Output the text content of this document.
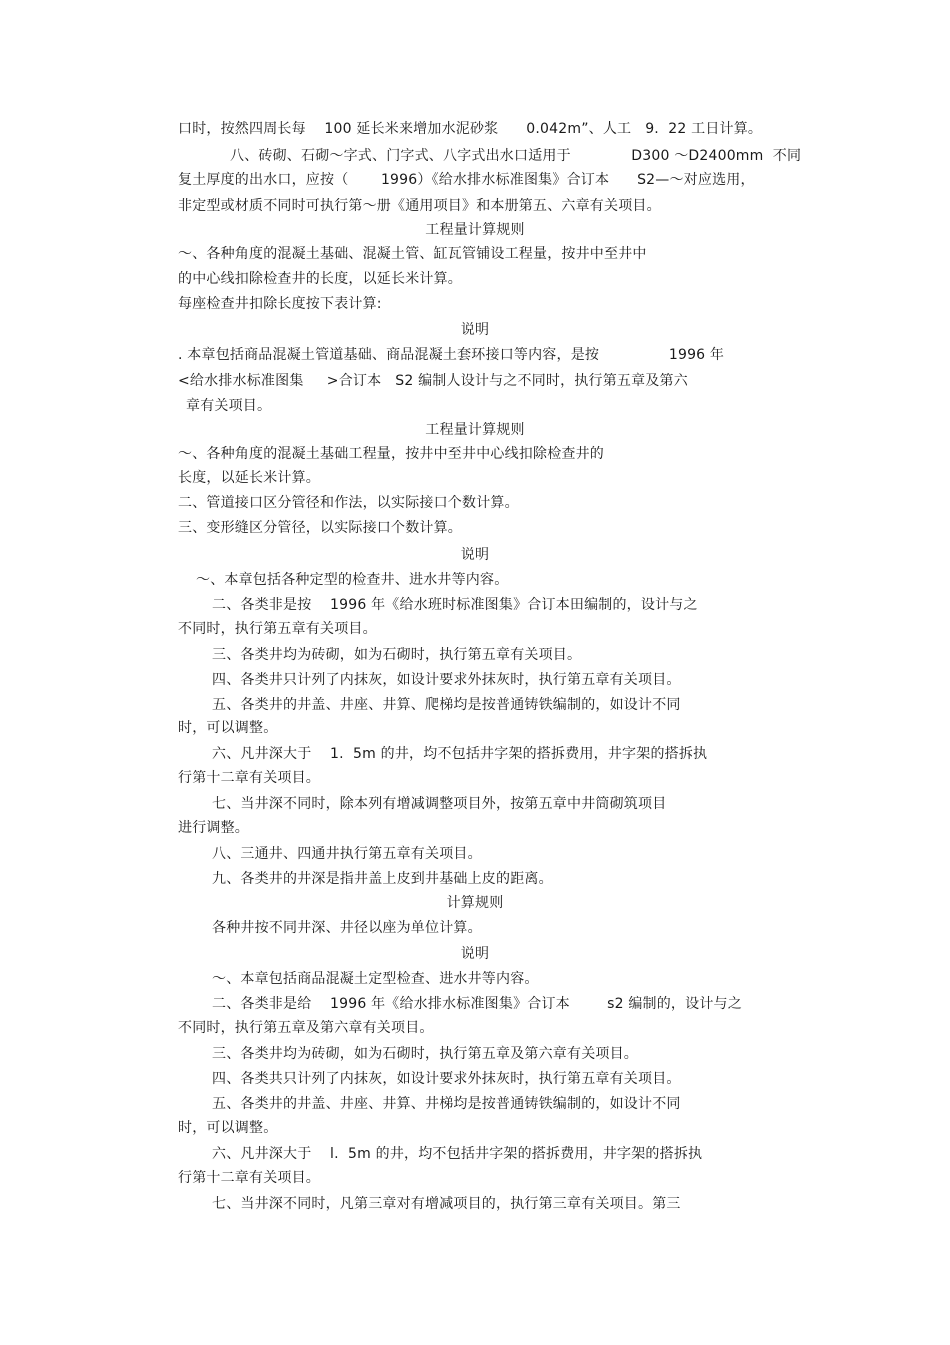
口时，按然四周长每    100 延长米来增加水泥砂浆      0.042m”、人工   9.  22 工日计算。

八、砖砌、石砌～字式、门字式、八字式出水口适用于             D300 ～D2400mm  不同

复土厚度的出水口，应按（       1996）《给水排水标准图集》合订本      S2—～对应选用，

非定型或材质不同时可执行第～册《通用项目》和本册第五、六章有关项目。

工程量计算规则

～、各种角度的混凝土基础、混凝土管、缸瓦管铺设工程量，按井中至井中

的中心线扣除检查井的长度，以延长米计算。

每座检查井扣除长度按下表计算:

说明

. 本章包括商品混凝土管道基础、商品混凝土套环接口等内容，是按               1996 年

<给水排水标准图集     >合订本   S2 编制人设计与之不同时，执行第五章及第六

章有关项目。

工程量计算规则

～、各种角度的混凝土基础工程量，按井中至井中心线扣除检查井的

长度，以延长米计算。

二、管道接口区分管径和作法，以实际接口个数计算。

三、变形缝区分管径，以实际接口个数计算。

说明

～、本章包括各种定型的检查井、进水井等内容。

二、各类非是按    1996 年《给水班时标准图集》合订本田编制的，设计与之

不同时，执行第五章有关项目。

三、各类井均为砖砌，如为石砌时，执行第五章有关项目。

四、各类井只计列了内抹灰，如设计要求外抹灰时，执行第五章有关项目。

五、各类井的井盖、井座、井算、爬梯均是按普通铸铁编制的，如设计不同

时，可以调整。

六、凡井深大于    1.  5m 的井，均不包括井字架的搭拆费用，井字架的搭拆执

行第十二章有关项目。

七、当井深不同时，除本列有增减调整项目外，按第五章中井筒砌筑项目

进行调整。

八、三通井、四通井执行第五章有关项目。

九、各类井的井深是指井盖上皮到井基础上皮的距离。

计算规则

各种井按不同井深、井径以座为单位计算。

说明

～、本章包括商品混凝土定型检查、进水井等内容。

二、各类非是给    1996 年《给水排水标准图集》合订本        s2 编制的，设计与之

不同时，执行第五章及第六章有关项目。

三、各类井均为砖砌，如为石砌时，执行第五章及第六章有关项目。

四、各类共只计列了内抹灰，如设计要求外抹灰时，执行第五章有关项目。

五、各类井的井盖、井座、井算、井梯均是按普通铸铁编制的，如设计不同

时，可以调整。

六、凡井深大于    l.  5m 的井，均不包括井字架的搭拆费用，井字架的搭拆执

行第十二章有关项目。

七、当井深不同时，凡第三章对有增减项目的，执行第三章有关项目。第三
